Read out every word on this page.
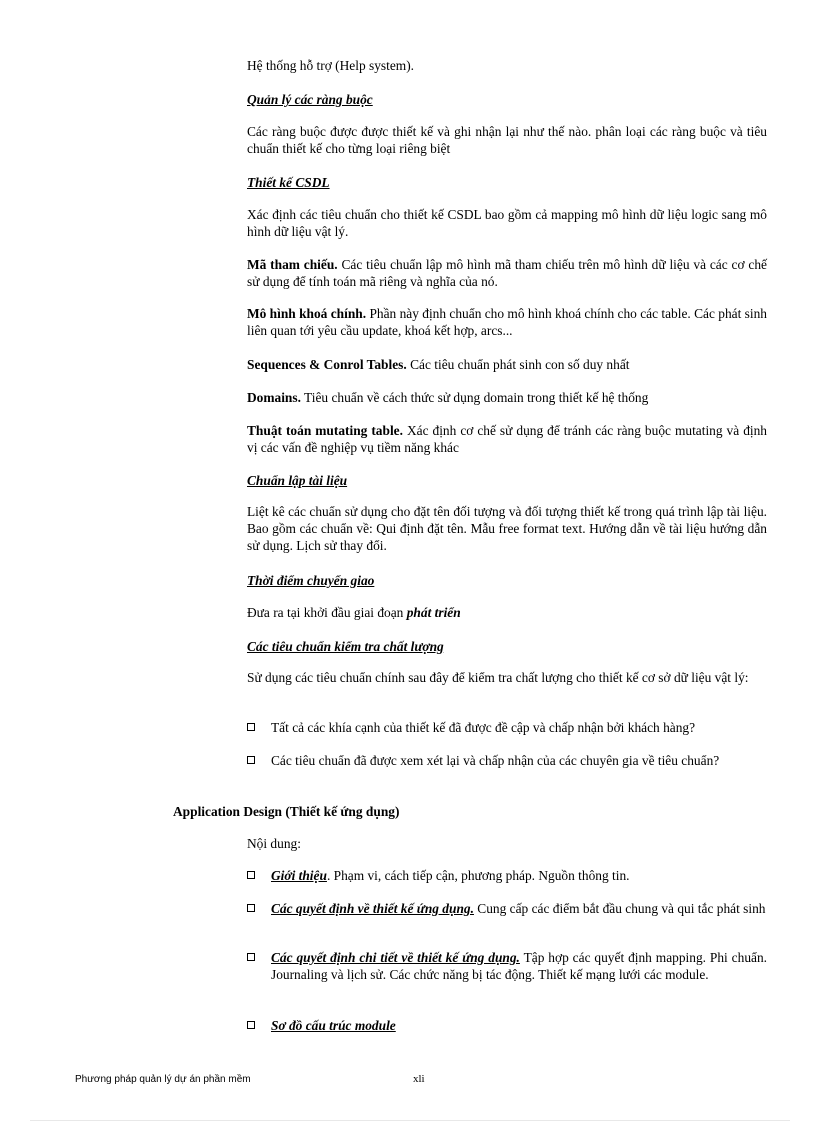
Hệ thống hỗ trợ (Help system).

Quản lý các ràng buộc

Các ràng buộc được được thiết kế và ghi nhận lại như thế nào. phân loại các ràng buộc và tiêu chuẩn thiết kế cho từng loại riêng biệt

Thiết kế CSDL

Xác định các tiêu chuẩn cho thiết kế CSDL bao gồm cả mapping mô hình dữ liệu logic sang mô hình dữ liệu vật lý.

Mã tham chiếu. Các tiêu chuẩn lập mô hình mã tham chiếu trên mô hình dữ liệu và các cơ chế sử dụng để tính toán mã riêng và nghĩa của nó.

Mô hình khoá chính. Phần này định chuẩn cho mô hình khoá chính cho các table. Các phát sinh liên quan tới yêu cầu update, khoá kết hợp, arcs...

Sequences & Conrol Tables. Các tiêu chuẩn phát sinh con số duy nhất

Domains. Tiêu chuẩn về cách thức sử dụng domain trong thiết kế hệ thống

Thuật toán mutating table. Xác định cơ chế sử dụng để tránh các ràng buộc mutating và định vị các vấn đề nghiệp vụ tiềm năng khác

Chuẩn lập tài liệu

Liệt kê các chuẩn sử dụng cho đặt tên đối tượng và đối tượng thiết kế trong quá trình lập tài liệu. Bao gồm các chuẩn về: Qui định đặt tên. Mẫu free format text. Hướng dẫn về tài liệu hướng dẫn sử dụng. Lịch sử thay đổi.

Thời điểm chuyển giao

Đưa ra tại khởi đầu giai đoạn phát triển

Các tiêu chuẩn kiểm tra chất lượng

Sử dụng các tiêu chuẩn chính sau đây để kiểm tra chất lượng cho thiết kế cơ sở dữ liệu vật lý:

Tất cả các khía cạnh của thiết kế đã được đề cập và chấp nhận bởi khách hàng?
Các tiêu chuẩn đã được xem xét lại và chấp nhận của các chuyên gia về tiêu chuẩn?

Nội dung:

Giới thiệu. Phạm vi, cách tiếp cận, phương pháp. Nguồn thông tin.
Các quyết định về thiết kế ứng dụng. Cung cấp các điểm bắt đầu chung và qui tắc phát sinh
Các quyết định chi tiết về thiết kế ứng dụng. Tập hợp các quyết định mapping. Phi chuẩn. Journaling và lịch sử. Các chức năng bị tác động. Thiết kế mạng lưới các module.
Sơ đồ cấu trúc module
Application Design (Thiết kế ứng dụng)
Phương pháp quản lý dự án phần mềm	xli
